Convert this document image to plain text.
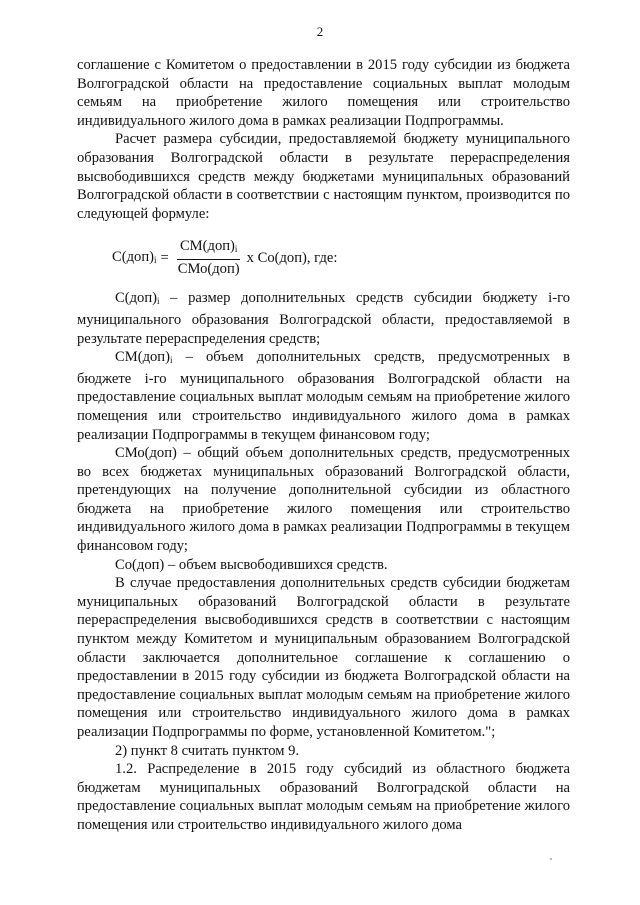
2

соглашение с Комитетом о предоставлении в 2015 году субсидии из бюджета Волгоградской области на предоставление социальных выплат молодым семьям на приобретение жилого помещения или строительство индивидуального жилого дома в рамках реализации Подпрограммы.

Расчет размера субсидии, предоставляемой бюджету муниципального образования Волгоградской области в результате перераспределения высвободившихся средств между бюджетами муниципальных образований Волгоградской области в соответствии с настоящим пунктом, производится по следующей формуле:

$С(доп)_i = \frac{СМ(доп)_i}{\text{СМо(доп)}}$ х Со(доп), где:

$С(доп)_i$ – размер дополнительных средств субсидии бюджету i-го муниципального образования Волгоградской области, предоставляемой в результате перераспределения средств;

$СМ(доп)_i$ – объем дополнительных средств, предусмотренных в бюджете i-го муниципального образования Волгоградской области на предоставление социальных выплат молодым семьям на приобретение жилого помещения или строительство индивидуального жилого дома в рамках реализации Подпрограммы в текущем финансовом году;

СМо(доп) – общий объем дополнительных средств, предусмотренных во всех бюджетах муниципальных образований Волгоградской области, претендующих на получение дополнительной субсидии из областного бюджета на приобретение жилого помещения или строительство индивидуального жилого дома в рамках реализации Подпрограммы в текущем финансовом году;

Со(доп) – объем высвободившихся средств.

В случае предоставления дополнительных средств субсидии бюджетам муниципальных образований Волгоградской области в результате перераспределения высвободившихся средств в соответствии с настоящим пунктом между Комитетом и муниципальным образованием Волгоградской области заключается дополнительное соглашение к соглашению о предоставлении в 2015 году субсидии из бюджета Волгоградской области на предоставление социальных выплат молодым семьям на приобретение жилого помещения или строительство индивидуального жилого дома в рамках реализации Подпрограммы по форме, установленной Комитетом.";

2) пункт 8 считать пунктом 9.

1.2. Распределение в 2015 году субсидий из областного бюджета бюджетам муниципальных образований Волгоградской области на предоставление социальных выплат молодым семьям на приобретение жилого помещения или строительство индивидуального жилого дома
